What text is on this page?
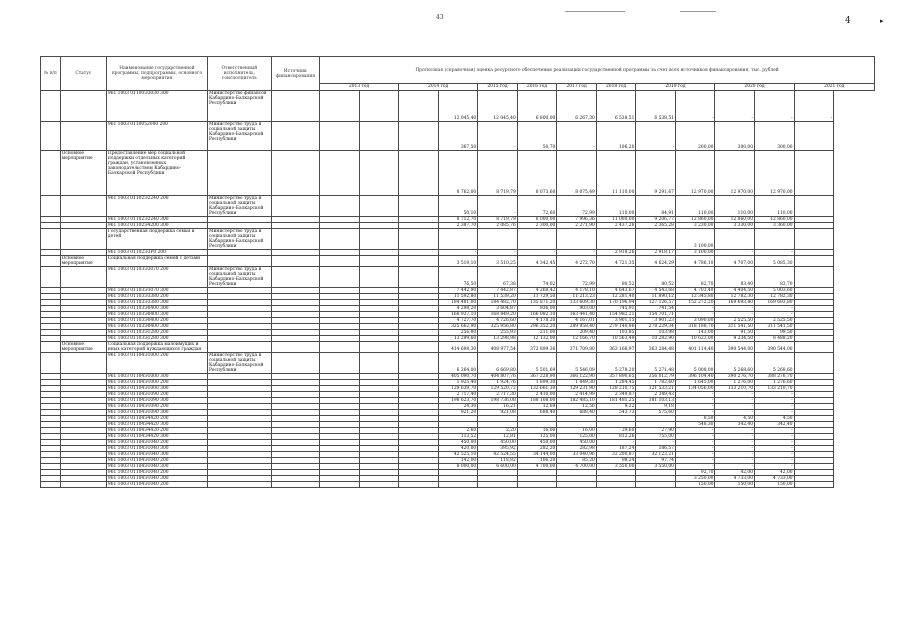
43	4	▸
№ п/п	Статус	Наименование государственной программы, подпрограммы, основного мероприятия	Ответственный исполнитель, соисполнитель	Источник финансирования	Прогнозная (справочная) оценка ресурсного обеспечения реализации государственной программы за счет всех источников финансирования, тыс. рублей												
					2013 год		2014 год		2015 год	2016 год	2017 год	2018 год	2019 год		2020 год		2021 год
		961 1003 01100Э3030 300	Министерство финансов Кабардино-Балкарской Республики					12 045,40	12 045,40	6 800,00	6 267,30	6 538,51	6 538,51	-	-	-	-
		961 1003 0110052000 200	Министерство труда и социальной защиты Кабардино-Балкарской Республики					367,50	-	50,70	-	106,20	-	200,00	300,00	300,00	
	Основное мероприятие	Предоставление мер социальной поддержки отдельных категорий граждан, установленных законодательством Кабардино-Балкарской Республики						8 762,00	8 719,79	8 073,60	8 075,49	11 110,00	9 291,67	12 970,00	12 970,00	12 970,00	
		961 1003 01102Э2240 200	Министерство труда и социальной защиты Кабардино-Балкарской Республики					50,10	-	72,60	72,99	110,00	84,91	110,00	110,00	110,00	
		961 1003 01102Э2240 300						8 712,70	8 719,79	8 000,00	7 996,36	11 000,00	9 206,77	12 860,00	12 860,00	12 860,00	
		961 1003 01102Э4200 300						2 387,70	2 085,76	2 300,00	2 271,90	2 437,26	2 365,28	3 230,00	3 330,00	3 360,00	
		Государственная поддержка семьи и детей	Министерство труда и социальной защиты Кабардино-Балкарской Республики											3 100,00			
		961 1003 01102Э3Р0 200						-	-	-	-	2 918,26	2 918,17	3 100,00	-	-	
	Основное мероприятие	Социальная поддержка семей с детьми						3 519,10	3 510,25	4 342,45	4 272,70	4 721,35	4 624,29	4 786,10	4 707,00	5 085,30	
		961 1003 01103Э3070 200	Министерство труда и социальной защиты Кабардино-Балкарской Республики					76,50	67,38	74,02	72,99	80,52	80,52	82,70	83,40	83,70	
		961 1003 01103Э3070 300						7 442,90	7 442,87	4 268,42	4 178,10	4 643,67	4 543,68	4 703,40	4 404,50	5 003,60	
		961 1003 01103Э3380 200						11 592,80	11 539,20	11 729,50	11 213,23	12 281,40	11 890,12	12 345,80	12 782,30	12 782,30	
		961 1003 01103Э3380 300						184 481,00	184 482,70	135 871,20	133 609,30	170 196,94	127 126,57	152 272,20	169 693,80	169 693,80	
		961 1003 01103Э0400 300						4 298,20	3 604,87	936,00	903,00	745,91	741,54	-	-	-	
		961 1003 01103Э0400 300						168 937,10	168 849,20	166 082,10	163 441,40	154 982,21	154 701,71	-	-	-	
		961 1003 01103Э0400 200						4 727,70	4 726,60	4 178,20	4 167,01	3 901,15	3 901,23	3 090,00	2 525,50	2 525,50	
		961 1003 01103Э0400 300						325 662,90	325 956,80	296 352,20	289 958,40	279 140,86	278 229,34	318 188,70	311 541,50	311 541,50	
		961 1003 01103Э1280 200						256,80	255,93	211,00	209,40	103,85	103,98	143,00	91,50	99,50	
		961 1003 01103Э1280 300						13 299,60	13 298,98	12 132,00	12 166,70	10 563,49	10 282,90	10 623,00	9 234,50	8 488,20	
	Основное мероприятие	Социальная поддержка малоимущих и иных категорий нуждающихся граждан						414 698,30	408 977,54	372 899,36	371 709,80	363 168,97	363 284,48	401 114,40	390 544,00	390 544,00	
		961 1003 01104Э1000 200	Министерство труда и социальной защиты Кабардино-Балкарской Республики					6 264,00	6 669,80	5 501,69	5 546,09	5 278,20	5 271,48	5 008,00	5 268,60	5 268,60	
		961 1003 01104Э1000 300						405 090,70	404 807,76	367 228,90	366 122,90	357 890,65	356 012,79	396 104,40	390 276,70	388 276,70	
		961 1003 01104Э1000 200						1 925,40	1 924,76	1 899,30	1 849,30	1 284,45	1 782,60	1 645,00	1 276,00	1 276,60	
		961 1003 01104Э1000 300						129 639,70	129 520,72	132 661,30	129 231,90	128 210,75	121 533,21	134 056,00	133 210,70	133 210,70	
		961 1003 01104Э1090 200						2 717,40	2 717,30	2 410,00	2 414,99	2 349,87	2 349,43	-	-	-	
		961 1003 01104Э1090 300						198 623,70	198 736,08	188 108,00	182 485,10	181 481,25	181 103,13	-	-	-	
		961 1003 01104Э1090 200						24,30	16,21	12,69	12,56	9,22	9,18	-	-	-	
		961 1003 01104Э1090 300						921,20	921,08	688,40	688,40	543,73	575,60	-	-	-	
		961 1003 01104Э4420 200												8,50	4,50	4,50	
		961 1003 01104Э4420 300												548,30	342,40	342,40	
		961 1003 01104Э4420 200						2,60	2,20	16,00	16,00	29,60	27,90	-	-	-	
		961 1003 01104Э4420 300						113,52	12,81	125,00	125,00	812,26	755,00	-	-	-	
		961 1003 01104Э1040 200						450,00	450,00	450,00	450,00	-	-	-	-	-	
		961 1003 01104Э1040 300						420,00	395,92	282,20	282,98	187,24	186,57	-	-	-	
		961 1003 01104Э1040 300						42 525,10	42 524,55	34 144,00	33 040,96	32 200,87	32 123,21	-	-	-	
		961 1003 01104Э1040 200						142,00	118,82	106,20	85,20	98,24	97,74	-	-	-	
		961 1003 01104Э1040 300						8 000,00	6 600,00	4 700,00	4 700,00	3 550,00	3 550,00	-	-	-	
		961 1003 01104Э1040 200												92,70	42,00	42,00	
		961 1003 01104Э1040 300												3 250,00	4 733,00	4 733,00	
		961 1003 01104Э1040 200												150,00	150,00	150,00	
